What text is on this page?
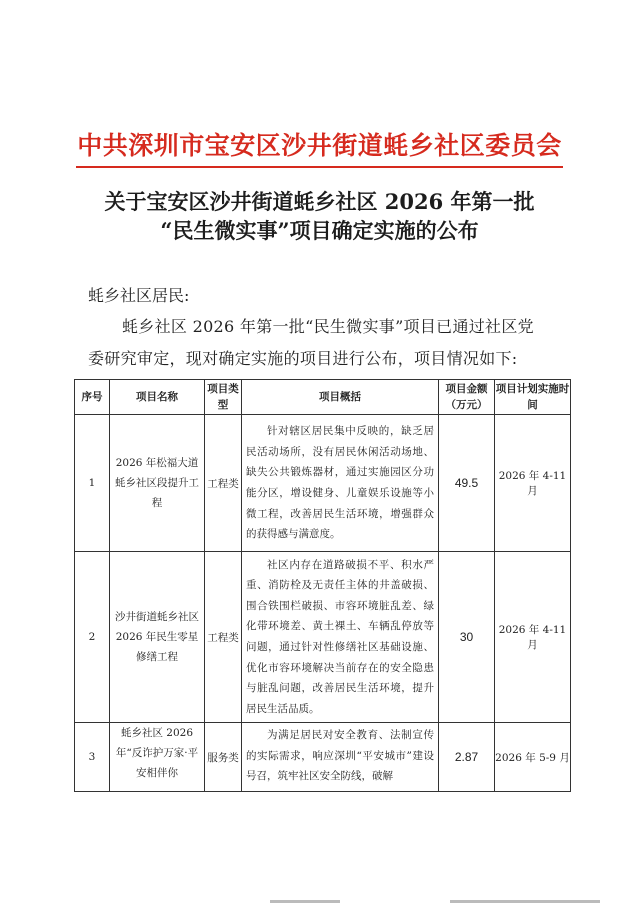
中共深圳市宝安区沙井街道蚝乡社区委员会
关于宝安区沙井街道蚝乡社区 2026 年第一批
“民生微实事”项目确定实施的公布
蚝乡社区居民:
蚝乡社区 2026 年第一批“民生微实事”项目已通过社区党
委研究审定，现对确定实施的项目进行公布，项目情况如下:
序号	项目名称	项目类型	项目概括	项目金额（万元）	项目计划实施时间
1	2026 年松福大道蚝乡社区段提升工程	工程类	针对辖区居民集中反映的，缺乏居民活动场所，没有居民休闲活动场地、缺失公共锻炼器材，通过实施园区分功能分区，增设健身、儿童娱乐设施等小微工程，改善居民生活环境，增强群众的获得感与满意度。	49.5	2026 年 4-11 月
2	沙井街道蚝乡社区 2026 年民生零星修缮工程	工程类	社区内存在道路破损不平、积水严重、消防栓及无责任主体的井盖破损、围合铁围栏破损、市容环境脏乱差、绿化带环境差、黄土裸土、车辆乱停放等问题，通过针对性修缮社区基础设施、优化市容环境解决当前存在的安全隐患与脏乱问题，改善居民生活环境，提升居民生活品质。	30	2026 年 4-11 月
3	蚝乡社区 2026 年“反诈护万家·平安相伴你	服务类	为满足居民对安全教育、法制宣传的实际需求，响应深圳“平安城市”建设号召，筑牢社区安全防线，破解	2.87	2026 年 5-9 月
